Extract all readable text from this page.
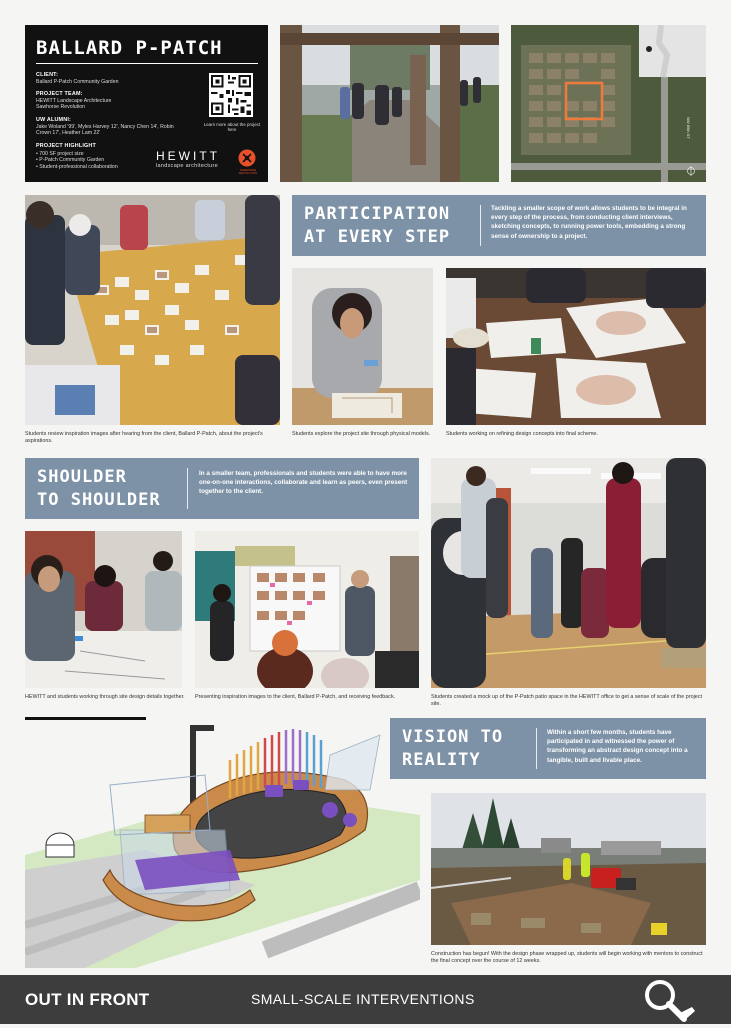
BALLARD P-PATCH
CLIENT:
Ballard P-Patch Community Garden
PROJECT TEAM:
HEWITT Landscape Architecture
Sawhorse Revolution
UW ALUMNI:
Jake Woland '99', Myles Harvey 12', Nancy Chen 14', Robin Crown 17', Heather Lam 22'
PROJECT HIGHLIGHT
• 700 SF project size
• P-Patch Community Garden
• Student-professional collaboration
Learn more about the project here
HEWITT
landscape architecture
SAWHORSE REVOLUTION
NW 85th ST
Students review inspiration images after hearing from the client, Ballard P-Patch, about the project's aspirations.
PARTICIPATION
AT EVERY STEP
Tackling a smaller scope of work allows students to be integral in every step of the process, from conducting client interviews, sketching concepts, to running power tools, embedding a strong sense of ownership to a project.
Students explore the project site through physical models.	Students working on refining design concepts into final scheme.
SHOULDER
TO SHOULDER
In a smaller team, professionals and students were able to have more one-on-one interactions, collaborate and learn as peers, even present together to the client.
HEWITT and students working through site design details together.	Presenting inspiration images to the client, Ballard P-Patch, and receiving feedback.	Students created a mock up of the P-Patch patio space in the HEWITT office to get a sense of scale of the project site.
VISION TO
REALITY
Within a short few months, students have participated in and witnessed the power of transforming an abstract design concept into a tangible, built and livable place.
Construction has begun! With the design phase wrapped up, students will begin working with mentors to construct the final concept over the course of 12 weeks.
OUT IN FRONT	SMALL-SCALE INTERVENTIONS
